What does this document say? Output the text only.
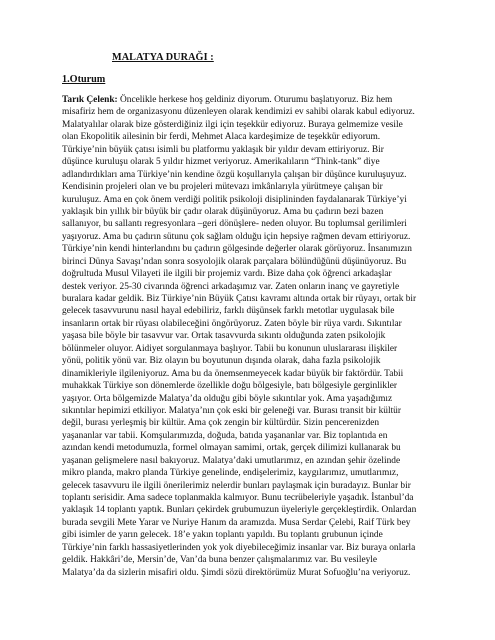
MALATYA DURAĞI :
1.Oturum
Tarık Çelenk: Öncelikle herkese hoş geldiniz diyorum. Oturumu başlatıyoruz. Biz hem
misafiriz hem de organizasyonu düzenleyen olarak kendimizi ev sahibi olarak kabul ediyoruz.
Malatyalılar olarak bize gösterdiğiniz ilgi için teşekkür ediyoruz. Buraya gelmemize vesile
olan Ekopolitik ailesinin bir ferdi, Mehmet Alaca kardeşimize de teşekkür ediyorum.
Türkiye’nin büyük çatısı isimli bu platformu yaklaşık bir yıldır devam ettiriyoruz. Bir
düşünce kuruluşu olarak 5 yıldır hizmet veriyoruz. Amerikalıların “Think-tank” diye
adlandırdıkları ama Türkiye’nin kendine özgü koşullarıyla çalışan bir düşünce kuruluşuyuz.
Kendisinin projeleri olan ve bu projeleri mütevazı imkânlarıyla yürütmeye çalışan bir
kuruluşuz. Ama en çok önem verdiği politik psikoloji disiplininden faydalanarak Türkiye’yi
yaklaşık bin yıllık bir büyük bir çadır olarak düşünüyoruz. Ama bu çadırın bezi bazen
sallanıyor, bu sallantı regresyonlara –geri dönüşlere- neden oluyor. Bu toplumsal gerilimleri
yaşıyoruz. Ama bu çadırın sütunu çok sağlam olduğu için hepsiye rağmen devam ettiriyoruz.
Türkiye’nin kendi hinterlandını bu çadırın gölgesinde değerler olarak görüyoruz. İnsanımızın
birinci Dünya Savaşı’ndan sonra sosyolojik olarak parçalara bölündüğünü düşünüyoruz. Bu
doğrultuda Musul Vilayeti ile ilgili bir projemiz vardı. Bize daha çok öğrenci arkadaşlar
destek veriyor. 25-30 civarında öğrenci arkadaşımız var. Zaten onların inanç ve gayretiyle
buralara kadar geldik. Biz Türkiye’nin Büyük Çatısı kavramı altında ortak bir rüyayı, ortak bir
gelecek tasavvurunu nasıl hayal edebiliriz, farklı düşünsek farklı metotlar uygulasak bile
insanların ortak bir rüyası olabileceğini öngörüyoruz. Zaten böyle bir rüya vardı. Sıkıntılar
yaşasa bile böyle bir tasavvur var. Ortak tasavvurda sıkıntı olduğunda zaten psikolojik
bölünmeler oluyor. Aidiyet sorgulanmaya başlıyor. Tabii bu konunun uluslararası ilişkiler
yönü, politik yönü var. Biz olayın bu boyutunun dışında olarak, daha fazla psikolojik
dinamikleriyle ilgileniyoruz. Ama bu da önemsenmeyecek kadar büyük bir faktördür. Tabii
muhakkak Türkiye son dönemlerde özellikle doğu bölgesiyle, batı bölgesiyle gerginlikler
yaşıyor. Orta bölgemizde Malatya’da olduğu gibi böyle sıkıntılar yok. Ama yaşadığımız
sıkıntılar hepimizi etkiliyor. Malatya’nın çok eski bir geleneği var. Burası transit bir kültür
değil, burası yerleşmiş bir kültür. Ama çok zengin bir kültürdür. Sizin pencerenizden
yaşananlar var tabii. Komşularımızda, doğuda, batıda yaşananlar var. Biz toplantıda en
azından kendi metodumuzla, formel olmayan samimi, ortak, gerçek dilimizi kullanarak bu
yaşanan gelişmelere nasıl bakıyoruz. Malatya’daki umutlarımız, en azından şehir özelinde
mikro planda, makro planda Türkiye genelinde, endişelerimiz, kaygılarımız, umutlarımız,
gelecek tasavvuru ile ilgili önerilerimiz nelerdir bunları paylaşmak için buradayız. Bunlar bir
toplantı serisidir. Ama sadece toplanmakla kalmıyor. Bunu tecrübeleriyle yaşadık. İstanbul’da
yaklaşık 14 toplantı yaptık. Bunları çekirdek grubumuzun üyeleriyle gerçekleştirdik. Onlardan
burada sevgili Mete Yarar ve Nuriye Hanım da aramızda. Musa Serdar Çelebi, Raif Türk bey
gibi isimler de yarın gelecek. 18’e yakın toplantı yapıldı. Bu toplantı grubunun içinde
Türkiye’nin farklı hassasiyetlerinden yok yok diyebileceğimiz insanlar var. Biz buraya onlarla
geldik. Hakkâri’de, Mersin’de, Van’da buna benzer çalışmalarımız var. Bu vesileyle
Malatya’da da sizlerin misafiri oldu. Şimdi sözü direktörümüz Murat Sofuoğlu’na veriyoruz.
